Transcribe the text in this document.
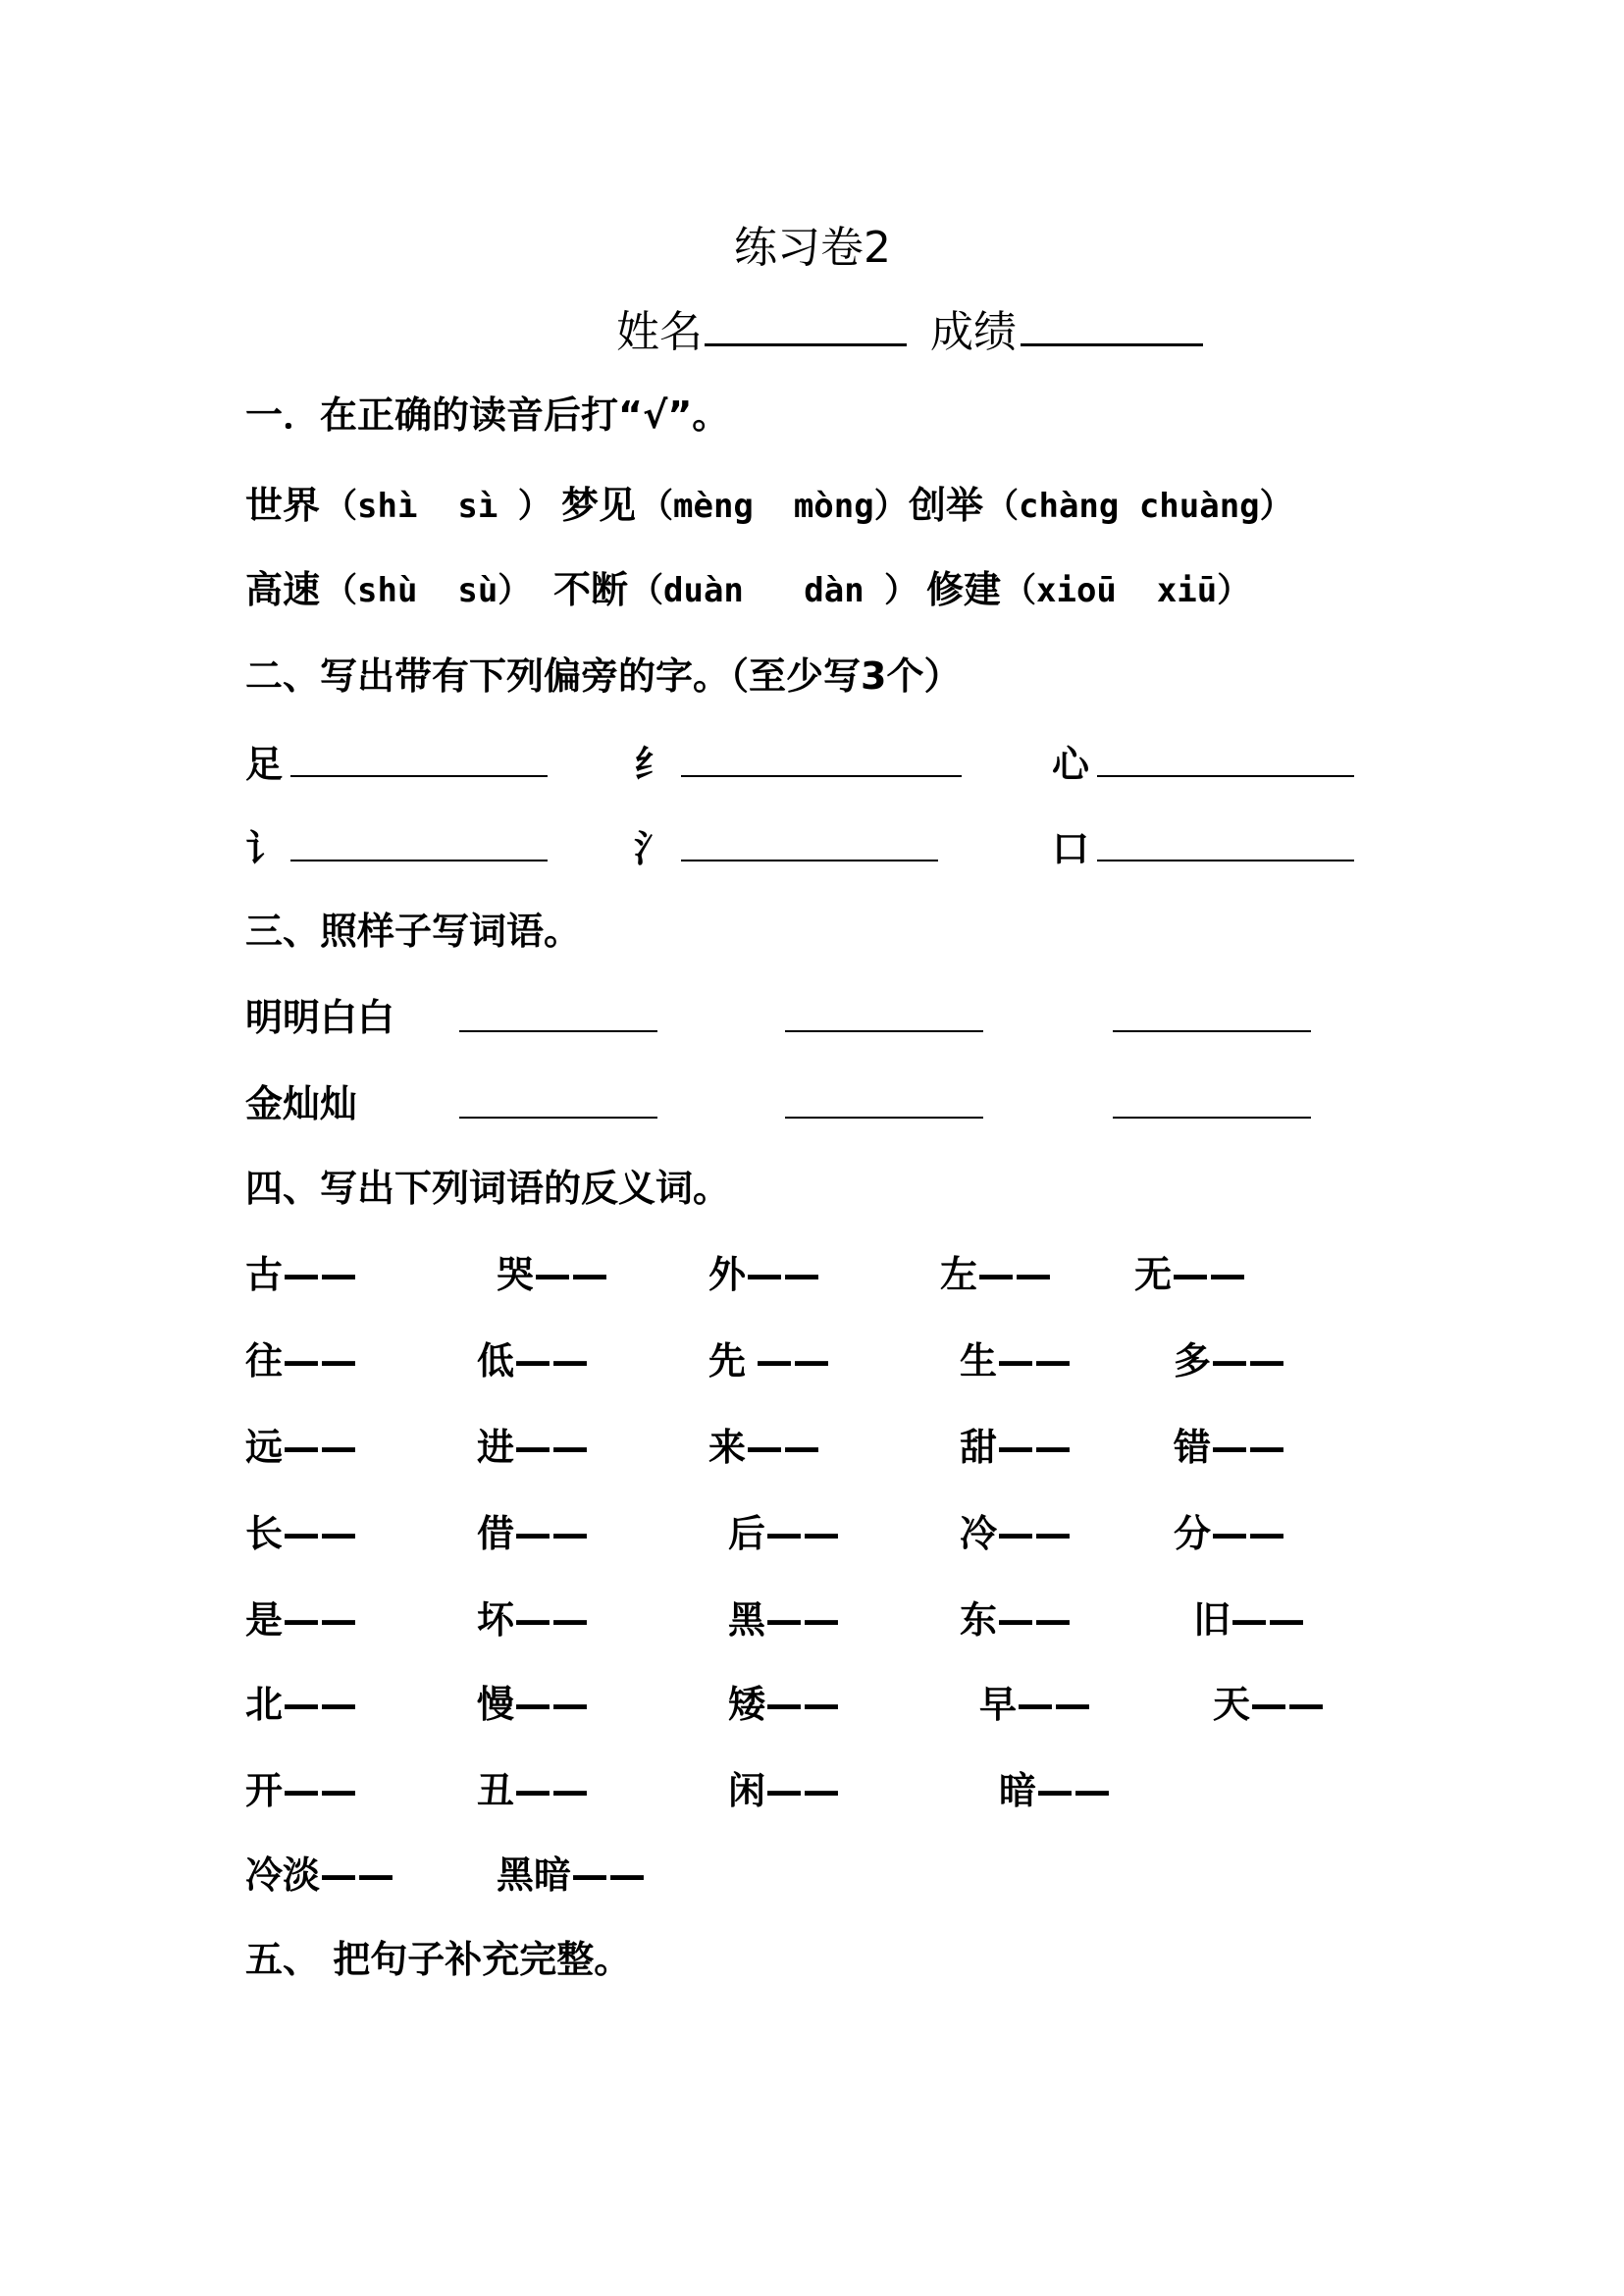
练习卷2
姓名	成绩
一．在正确的读音后打“√”。
世界 （shì  sì ） 梦见 （mèng  mòng） 创举 （chàng chuàng）
高速 （shù  sù） 不断 （duàn   dàn ） 修建 （xioū  xiū）
二、写出带有下列偏旁的字。（至少写3个）
足	纟	心
讠	氵	口
三、照样子写词语。
明明白白
金灿灿
四、写出下列词语的反义词。
古——	哭——	外——	左—— 无——
往——	低——	先 ——	生——	多——
远——	进——	来——	甜——	错——
长——	借——	后——	冷——	分——
是——	坏——	黑——	东——	旧——
北——	慢——	矮——	早——	天——
开——	丑——	闲——	暗——
冷淡——	黑暗——
五、 把句子补充完整。
